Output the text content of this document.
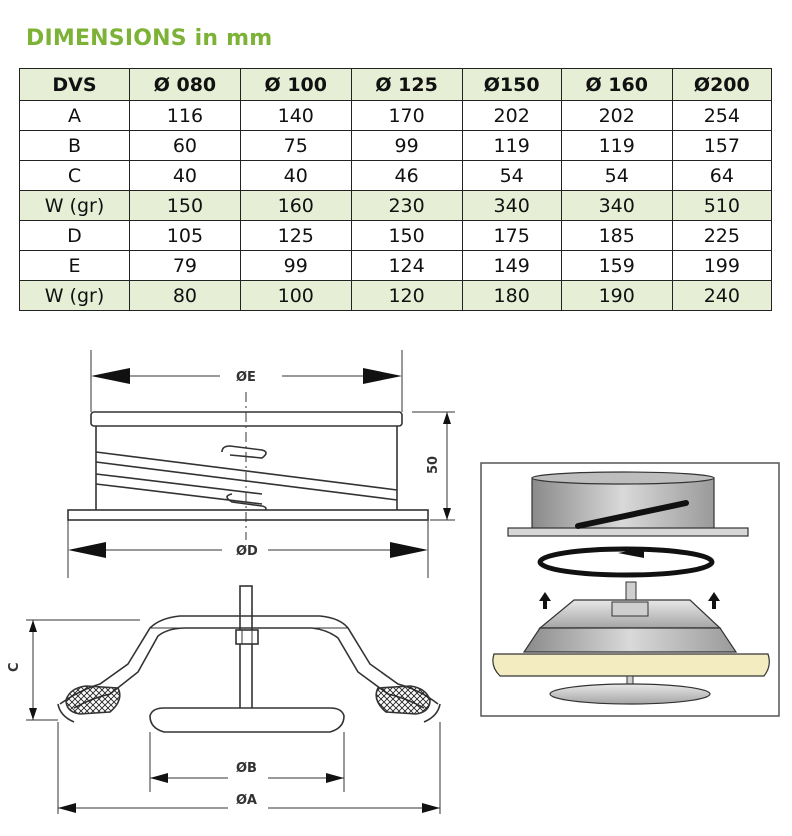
DIMENSIONS in mm
DVS	Ø 080	Ø 100	Ø 125	Ø150	Ø 160	Ø200
A	116	140	170	202	202	254
B	60	75	99	119	119	157
C	40	40	46	54	54	64
W (gr)	150	160	230	340	340	510
D	105	125	150	175	185	225
E	79	99	124	149	159	199
W (gr)	80	100	120	180	190	240
ØE
ØD
50
C
ØB
ØA
